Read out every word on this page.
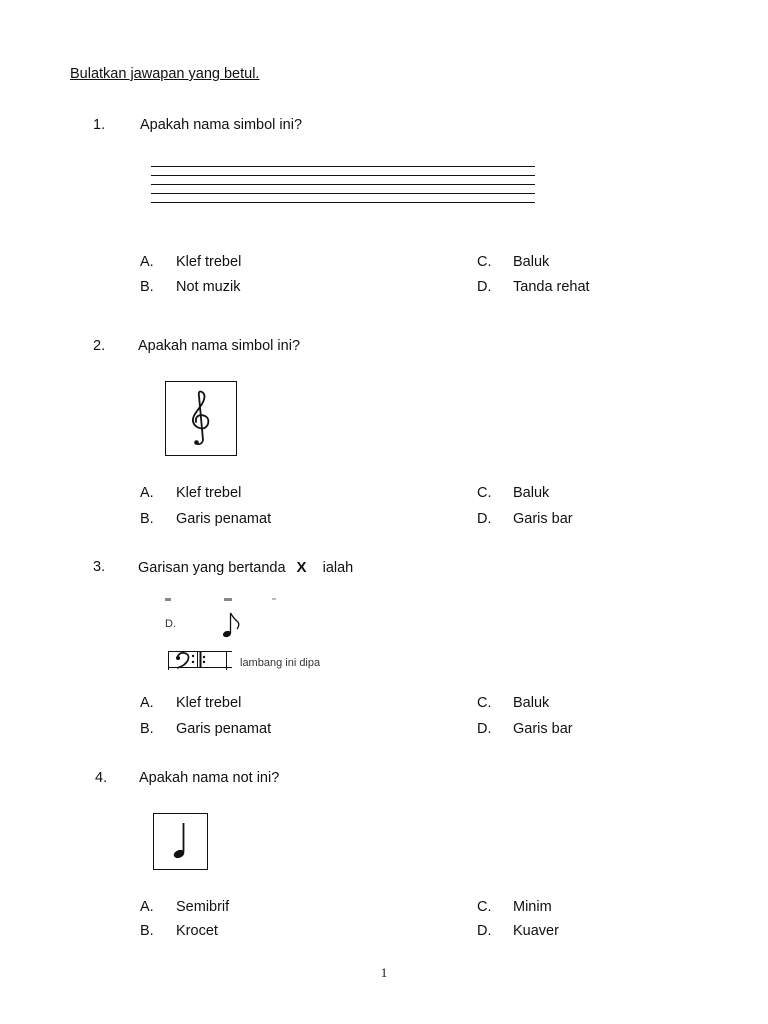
Bulatkan jawapan yang betul.
1. Apakah nama simbol ini?
A. Klef trebel
B. Not muzik
C. Baluk
D. Tanda rehat
2. Apakah nama simbol ini?
A. Klef trebel
B. Garis penamat
C. Baluk
D. Garis bar
3. Garisan yang bertanda X ialah
D.
lambang ini dipa
A. Klef trebel
B. Garis penamat
C. Baluk
D. Garis bar
4. Apakah nama not ini?
A. Semibrif
B. Krocet
C. Minim
D. Kuaver
1
